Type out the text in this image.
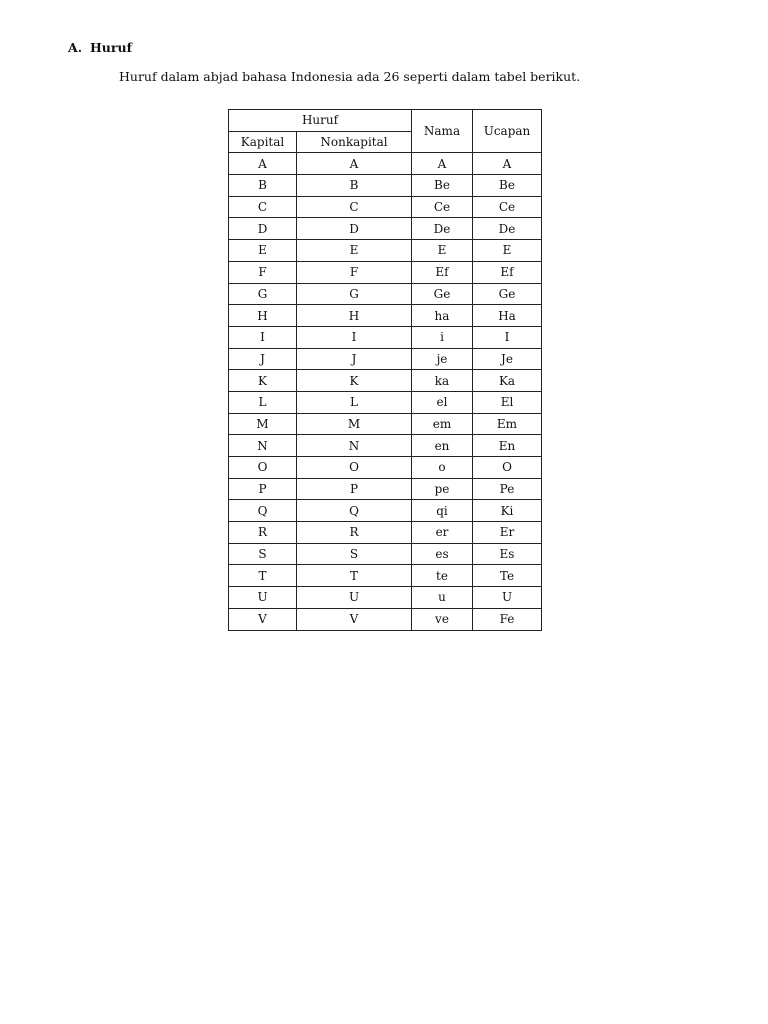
A. Huruf
Huruf dalam abjad bahasa Indonesia ada 26 seperti dalam tabel berikut.
Huruf		Nama	Ucapan
Kapital	Nonkapital		
A	A	A	A
B	B	Be	Be
C	C	Ce	Ce
D	D	De	De
E	E	E	E
F	F	Ef	Ef
G	G	Ge	Ge
H	H	ha	Ha
I	I	i	I
J	J	je	Je
K	K	ka	Ka
L	L	el	El
M	M	em	Em
N	N	en	En
O	O	o	O
P	P	pe	Pe
Q	Q	qi	Ki
R	R	er	Er
S	S	es	Es
T	T	te	Te
U	U	u	U
V	V	ve	Fe
